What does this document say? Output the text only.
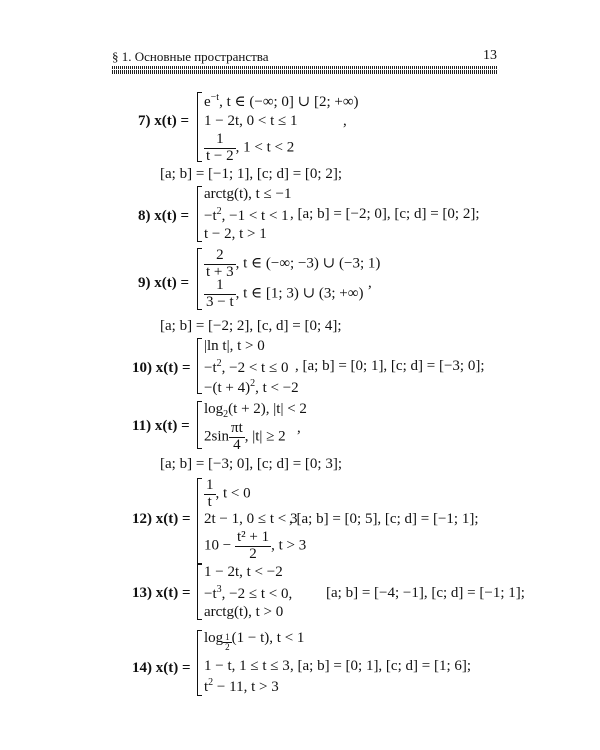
§ 1. Основные пространства	13
7) x(t) =
$e^{-t}$, t ∈ (−∞; 0] ∪ [2; +∞)
1 − 2t, 0 < t ≤ 1
$\frac{1}{t - 2}$ , 1 < t < 2
,
[a; b] = [−1; 1], [c; d] = [0; 2];
8) x(t) =
arctg(t), t ≤ −1
$-t^2$, −1 < t < 1
t − 2, t > 1
, [a; b] = [−2; 0], [c; d] = [0; 2];
9) x(t) =
$\frac{2}{t + 3}$ , t ∈ (−∞; −3) ∪ (−3; 1)
$\frac{1}{3 - t}$ , t ∈ [1; 3) ∪ (3; +∞)
,
[a; b] = [−2; 2], [c, d] = [0; 4];
10) x(t) =
|ln t|, t > 0
$-t^2$, −2 < t ≤ 0
$-(t + 4)^2$, t < −2
, [a; b] = [0; 1], [c; d] = [−3; 0];
11) x(t) =
$\log_2(t + 2)$, |t| < 2
$2\sin \frac{\pi t}{4}$ , |t| ≥ 2
,
[a; b] = [−3; 0], [c; d] = [0; 3];
12) x(t) =
$\frac{1}{t}$ , t < 0
2t − 1, 0 ≤ t < 3
$10 - \frac{\text{t² + 1}}{2}$ , t > 3
, [a; b] = [0; 5], [c; d] = [−1; 1];
13) x(t) =
1 − 2t, t < −2
$-t^3$, −2 ≤ t < 0,
arctg(t), t > 0
[a; b] = [−4; −1], [c; d] = [−1; 1];
14) x(t) =
$\log \frac{1}{2} (1 - t)$, t < 1
1 − t, 1 ≤ t ≤ 3
$t^2 - 11$, t > 3
, [a; b] = [0; 1], [c; d] = [1; 6];
